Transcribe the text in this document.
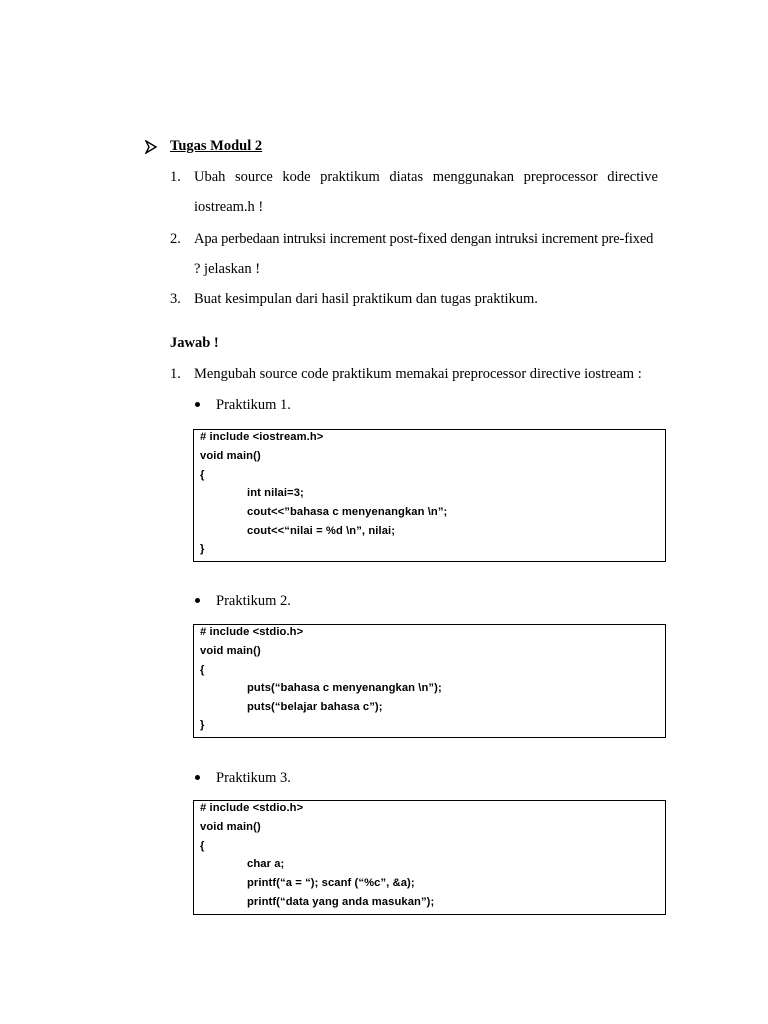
Tugas Modul 2
1. Ubah source kode praktikum diatas menggunakan preprocessor directive
iostream.h !
2. Apa perbedaan intruksi increment post-fixed dengan intruksi increment pre-fixed
? jelaskan !
3. Buat kesimpulan dari hasil praktikum dan tugas praktikum.
Jawab !
1. Mengubah source code praktikum memakai preprocessor directive iostream :
Praktikum 1.
# include <iostream.h>
void main()
{
int nilai=3;
cout<<”bahasa c menyenangkan \n”;
cout<<“nilai = %d \n”, nilai;
}
Praktikum 2.
# include <stdio.h>
void main()
{
puts(“bahasa c menyenangkan \n”);
puts(“belajar bahasa c”);
}
Praktikum 3.
# include <stdio.h>
void main()
{
char a;
printf(“a = “); scanf (“%c”, &a);
printf(“data yang anda masukan”);
